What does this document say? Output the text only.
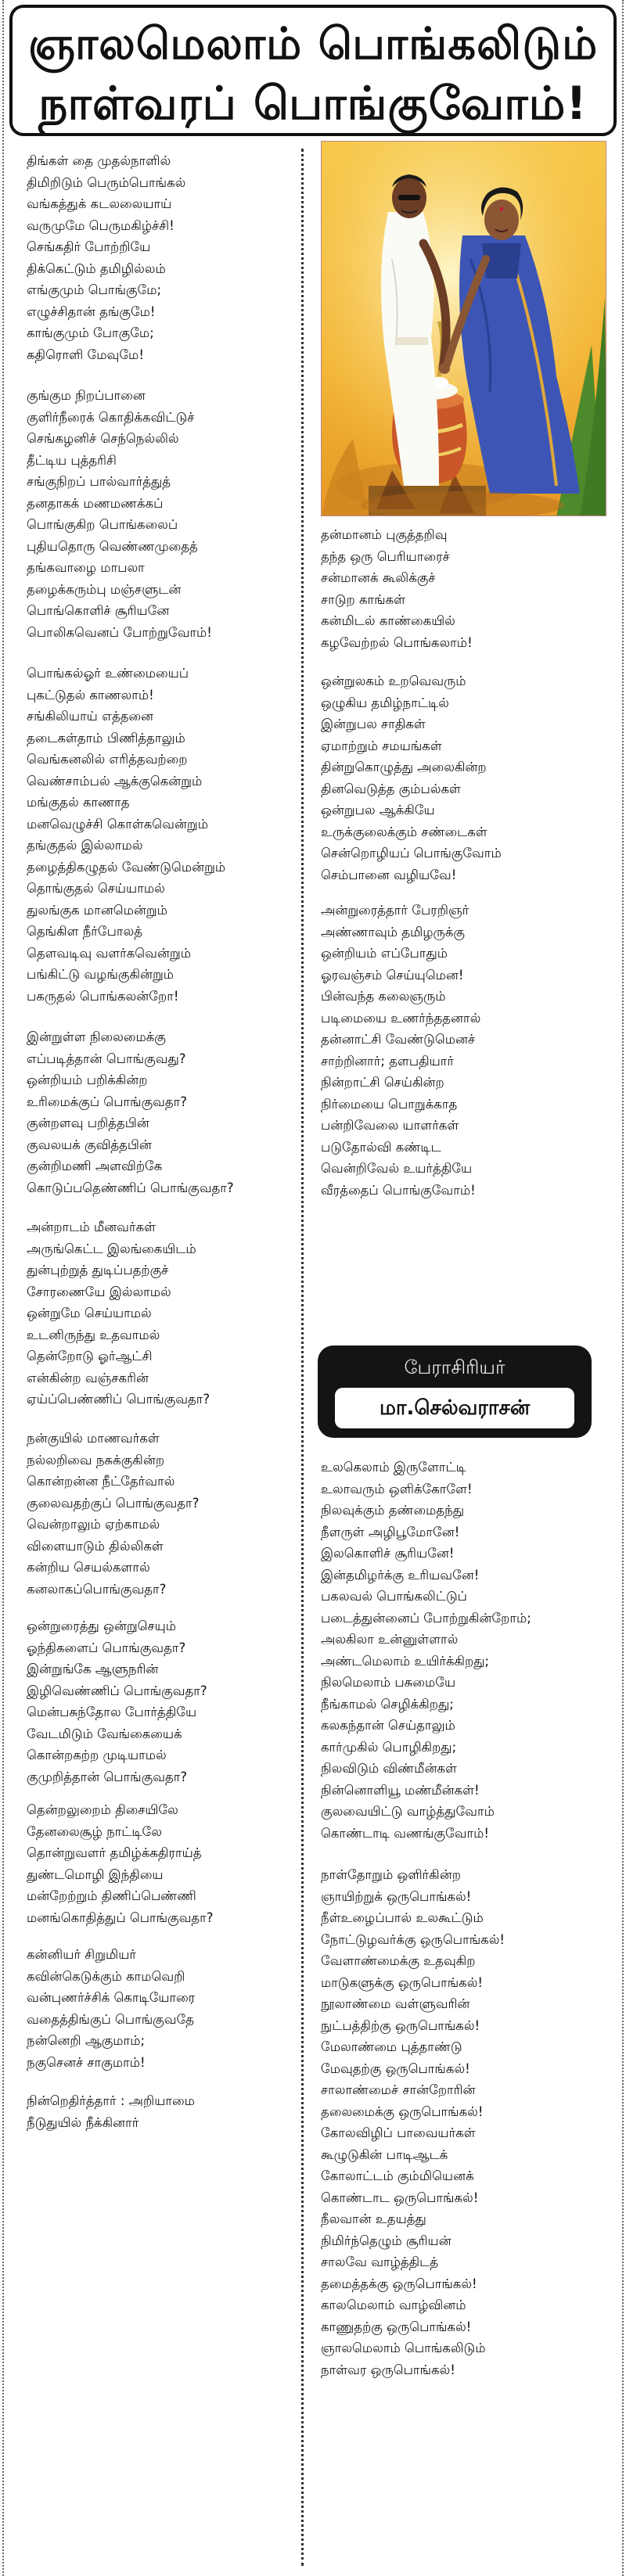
ஞாலமெலாம் பொங்கலிடும்
நாள்வரப் பொங்குவோம்!
திங்கள் தை முதல்நாளில்
திமிறிடும் பெரும்பொங்கல்
வங்கத்துக் கடலலையாய்
வருமுமே பெருமகிழ்ச்சி!
செங்கதிர் போற்றியே
திக்கெட்டும் தமிழில்லம்
எங்குமும் பொங்குமே;
எழுச்சிதான் தங்குமே!
காங்குமும் போகுமே;
கதிரொளி மேவுமே!
குங்கும நிறப்பானை
குளிர்நீரைக் கொதிக்கவிட்டுச்
செங்கழனிச் செந்நெல்லில்
தீட்டிய புத்தரிசி
சங்குநிறப் பால்வார்த்துத்
தனதாகக் மணமணக்கப்
பொங்குகிற பொங்கலைப்
புதியதொரு வெண்ணமுதைத்
தங்கவாழை மாபலா
தழைக்கரும்பு மஞ்சளுடன்
பொங்கொளிச் சூரியனே
பொலிகவெனப் போற்றுவோம்!
பொங்கல்ஓர் உண்மையைப்
புகட்டுதல் காணலாம்!
சங்கிலியாய் எத்தனை
தடைகள்தாம் பிணித்தாலும்
வெங்கனலில் எரித்தவற்றை
வெண்சாம்பல் ஆக்குகென்றும்
மங்குதல் காணாத
மனவெழுச்சி கொள்கவென்றும்
தங்குதல் இல்லாமல்
தழைத்திகழுதல் வேண்டுமென்றும்
தொங்குதல் செய்யாமல்
துலங்குக மானமென்றும்
தெங்கிள நீர்போலத்
தெளவடிவு வளர்கவென்றும்
பங்கிட்டு வழங்குகின்றும்
பகருதல் பொங்கலன்றோ!
இன்றுள்ள நிலைமைக்கு
எப்படித்தான் பொங்குவது?
ஒன்றியம் பறிக்கின்ற
உரிமைக்குப் பொங்குவதா?
குன்றளவு பறித்தபின்
குவலயக் குவித்தபின்
குன்றிமணி அளவிற்கே
கொடுப்பதெண்ணிப் பொங்குவதா?
அன்றாடம் மீனவர்கள்
அருங்கெட்ட இலங்கையிடம்
துன்புற்றுத் துடிப்பதற்குச்
சோரணையே இல்லாமல்
ஒன்றுமே செய்யாமல்
உடனிருந்து உதவாமல்
தென்றோடு ஓர்ஆட்சி
என்கின்ற வஞ்சகரின்
ஏய்ப்பெண்ணிப் பொங்குவதா?
நன்குயில் மாணவர்கள்
நல்லறிவை நசுக்குகின்ற
கொன்றன்ன நீட்தேர்வால்
குலைவதற்குப் பொங்குவதா?
வென்றாலும் ஏற்காமல்
விளையாடும் தில்லிகள்
கன்றிய செயல்களால்
கனலாகப்பொங்குவதா?
ஒன்றுரைத்து ஒன்றுசெயும்
ஓந்திகளைப் பொங்குவதா?
இன்றுங்கே ஆளுநரின்
இழிவெண்ணிப் பொங்குவதா?
மென்பசுந்தோல போர்த்தியே
வேடமிடும் வேங்கையைக்
கொன்றகற்ற முடியாமல்
குமுறித்தான் பொங்குவதா?
தென்றலுறைம் திசையிலே
தேனலைசூழ் நாட்டிலே
தொன்றுவளர் தமிழ்க்கதிராய்த்
துண்டமொழி இந்தியை
மன்றேற்றும் திணிப்பெண்ணி
மனங்கொதித்துப் பொங்குவதா?
கன்னியர் சிறுமியர்
கவின்கெடுக்கும் காமவெறி
வன்புணர்ச்சிக் கொடியோரை
வதைத்திங்குப் பொங்குவதே
நன்னெறி ஆகுமாம்;
நகுசெனச் சாகுமாம்!
நின்றெதிர்த்தார் : அறியாமை
நீடுதுயில் நீக்கினார்
தன்மானம் புகுத்தறிவு
தந்த ஒரு பெரியாரைச்
சன்மானக் கூலிக்குச்
சாடுற காங்கள்
கன்மிடல் காண்கையில்
கழவேற்றல் பொங்கலாம்!
ஒன்றுலகம் உறவெவரும்
ஒழுகிய தமிழ்நாட்டில்
இன்றுபல சாதிகள்
ஏமாற்றும் சமயங்கள்
தின்றுகொழுத்து அலைகின்ற
தினவெடுத்த கும்பல்கள்
ஒன்றுபல ஆக்கியே
உருக்குலைக்கும் சண்டைகள்
சென்றொழியப் பொங்குவோம்
செம்பானை வழியவே!
அன்றுரைத்தார் பேரறிஞர்
அண்ணாவும் தமிழருக்கு
ஒன்றியம் எப்போதும்
ஓரவஞ்சம் செய்யுமென!
பின்வந்த கலைஞரும்
படிமையை உணர்ந்ததனால்
தன்னாட்சி வேண்டுமெனச்
சாற்றினார்; தளபதியார்
நின்றாட்சி செய்கின்ற
நிர்மையை பொறுக்காத
பன்றிவேலை யாளர்கள்
படுதோல்வி கண்டிட
வென்றிவேல் உயர்த்தியே
வீரத்தைப் பொங்குவோம்!
பேராசிரியர்
மா.செல்வராசன்
உலகெலாம் இருளோட்டி
உலாவரும் ஒளிக்கோளே!
நிலவுக்கும் தண்மைதந்து
நீளருள் அழிபூமோனே!
இலகொளிச் சூரியனே!
இன்தமிழர்க்கு உரியவனே!
பகலவல் பொங்கலிட்டுப்
படைத்துன்னைப் போற்றுகின்றோம்;
அலகிலா உன்னுள்ளால்
அண்டமெலாம் உயிர்க்கிறது;
நிலமெலாம் பசுமையே
நீங்காமல் செழிக்கிறது;
கலகந்தான் செய்தாலும்
கார்முகில் பொழிகிறது;
நிலவிடும் விண்மீன்கள்
நின்னொளியூ மண்மீன்கள்!
குலவையிட்டு வாழ்த்துவோம்
கொண்டாடி வணங்குவோம்!
நாள்தோறும் ஒளிர்கின்ற
ஞாயிற்றுக் ஒருபொங்கல்!
நீள்உழைப்பால் உலகூட்டும்
நோட்டுழவர்க்கு ஒருபொங்கல்!
வேளாண்மைக்கு உதவுகிற
மாடுகளுக்கு ஒருபொங்கல்!
நூலாண்மை வள்ளுவரின்
நுட்பத்திற்கு ஒருபொங்கல்!
மேலாண்மை புத்தாண்டு
மேவுதற்கு ஒருபொங்கல்!
சாலாண்மைச் சான்றோரின்
தலைமைக்கு ஒருபொங்கல்!
கோலவிழிப் பாவையர்கள்
கூழுடுகின் பாடிஆடக்
கோலாட்டம் கும்மியெனக்
கொண்டாட ஒருபொங்கல்!
நீலவான் உதயத்து
நிமிர்ந்தெழும் சூரியன்
சாலவே வாழ்த்திடத்
தமைத்தக்கு ஒருபொங்கல்!
காலமெலாம் வாழ்வினம்
காணுதற்கு ஒருபொங்கல்!
ஞாலமெலாம் பொங்கலிடும்
நாள்வர ஒருபொங்கல்!
